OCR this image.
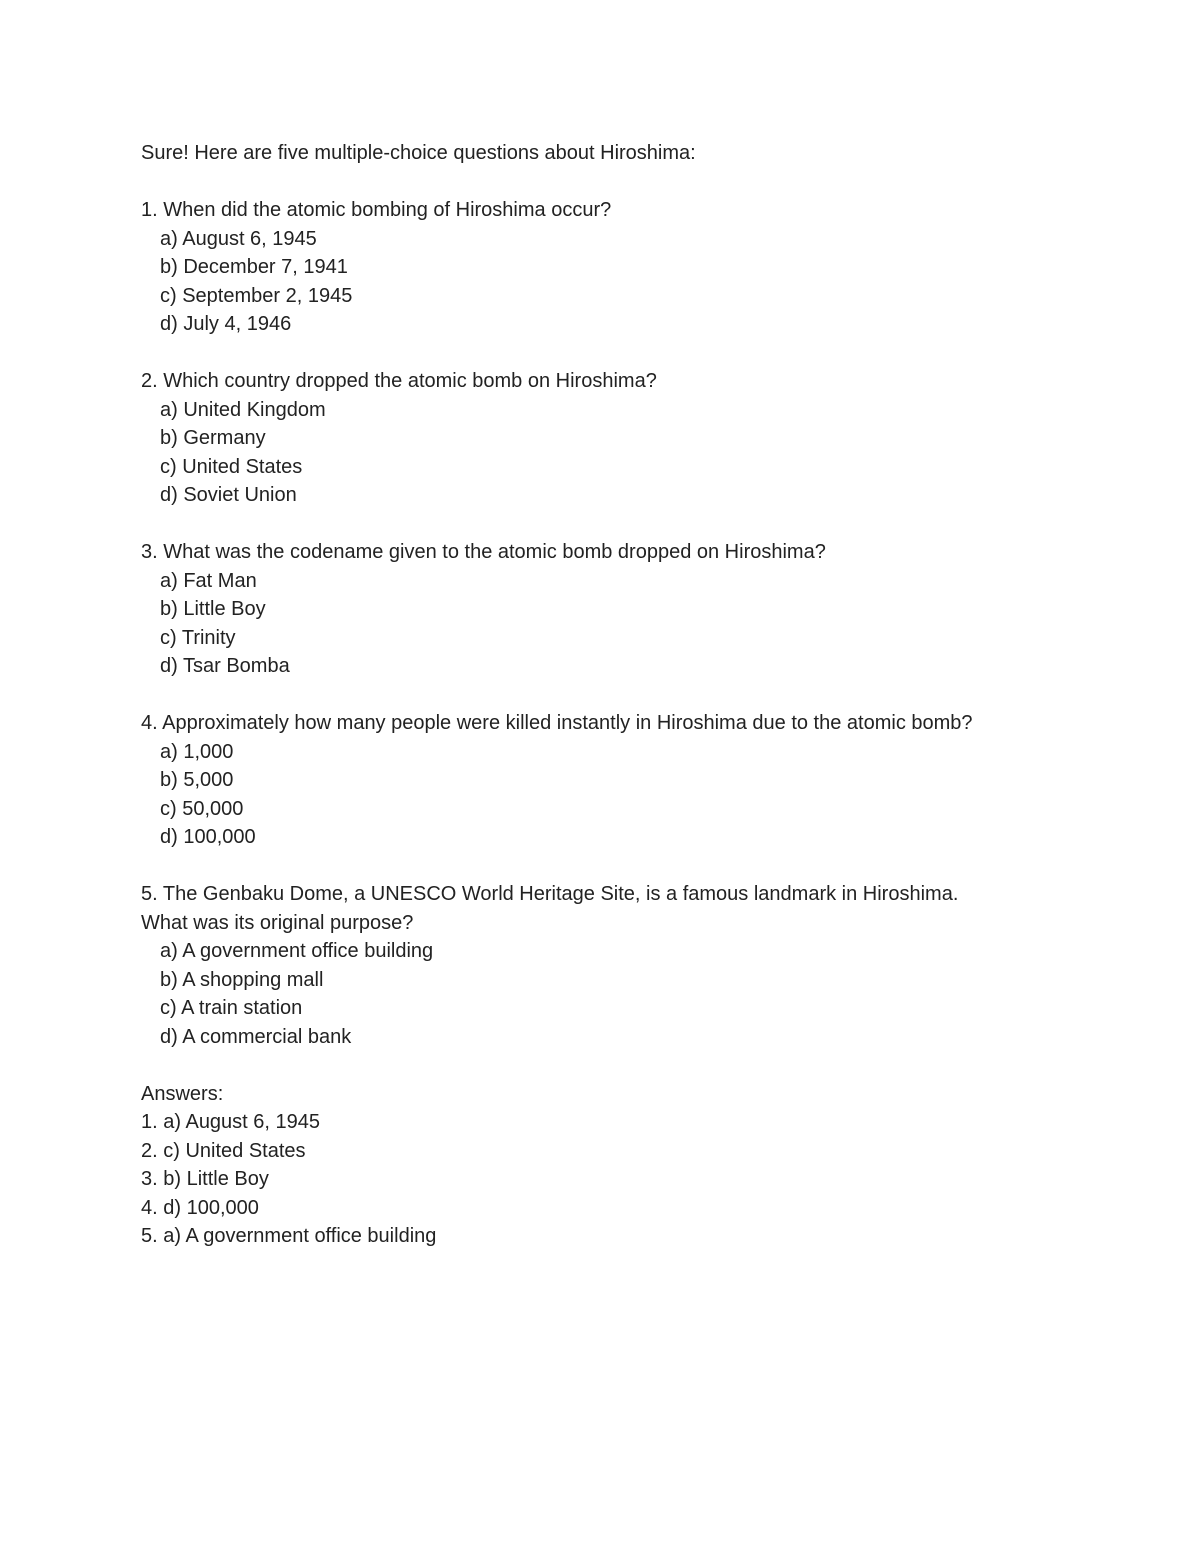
Sure! Here are five multiple-choice questions about Hiroshima:
1. When did the atomic bombing of Hiroshima occur?
a) August 6, 1945
b) December 7, 1941
c) September 2, 1945
d) July 4, 1946
2. Which country dropped the atomic bomb on Hiroshima?
a) United Kingdom
b) Germany
c) United States
d) Soviet Union
3. What was the codename given to the atomic bomb dropped on Hiroshima?
a) Fat Man
b) Little Boy
c) Trinity
d) Tsar Bomba
4. Approximately how many people were killed instantly in Hiroshima due to the atomic bomb?
a) 1,000
b) 5,000
c) 50,000
d) 100,000
5. The Genbaku Dome, a UNESCO World Heritage Site, is a famous landmark in Hiroshima.
What was its original purpose?
a) A government office building
b) A shopping mall
c) A train station
d) A commercial bank
Answers:
1. a) August 6, 1945
2. c) United States
3. b) Little Boy
4. d) 100,000
5. a) A government office building
